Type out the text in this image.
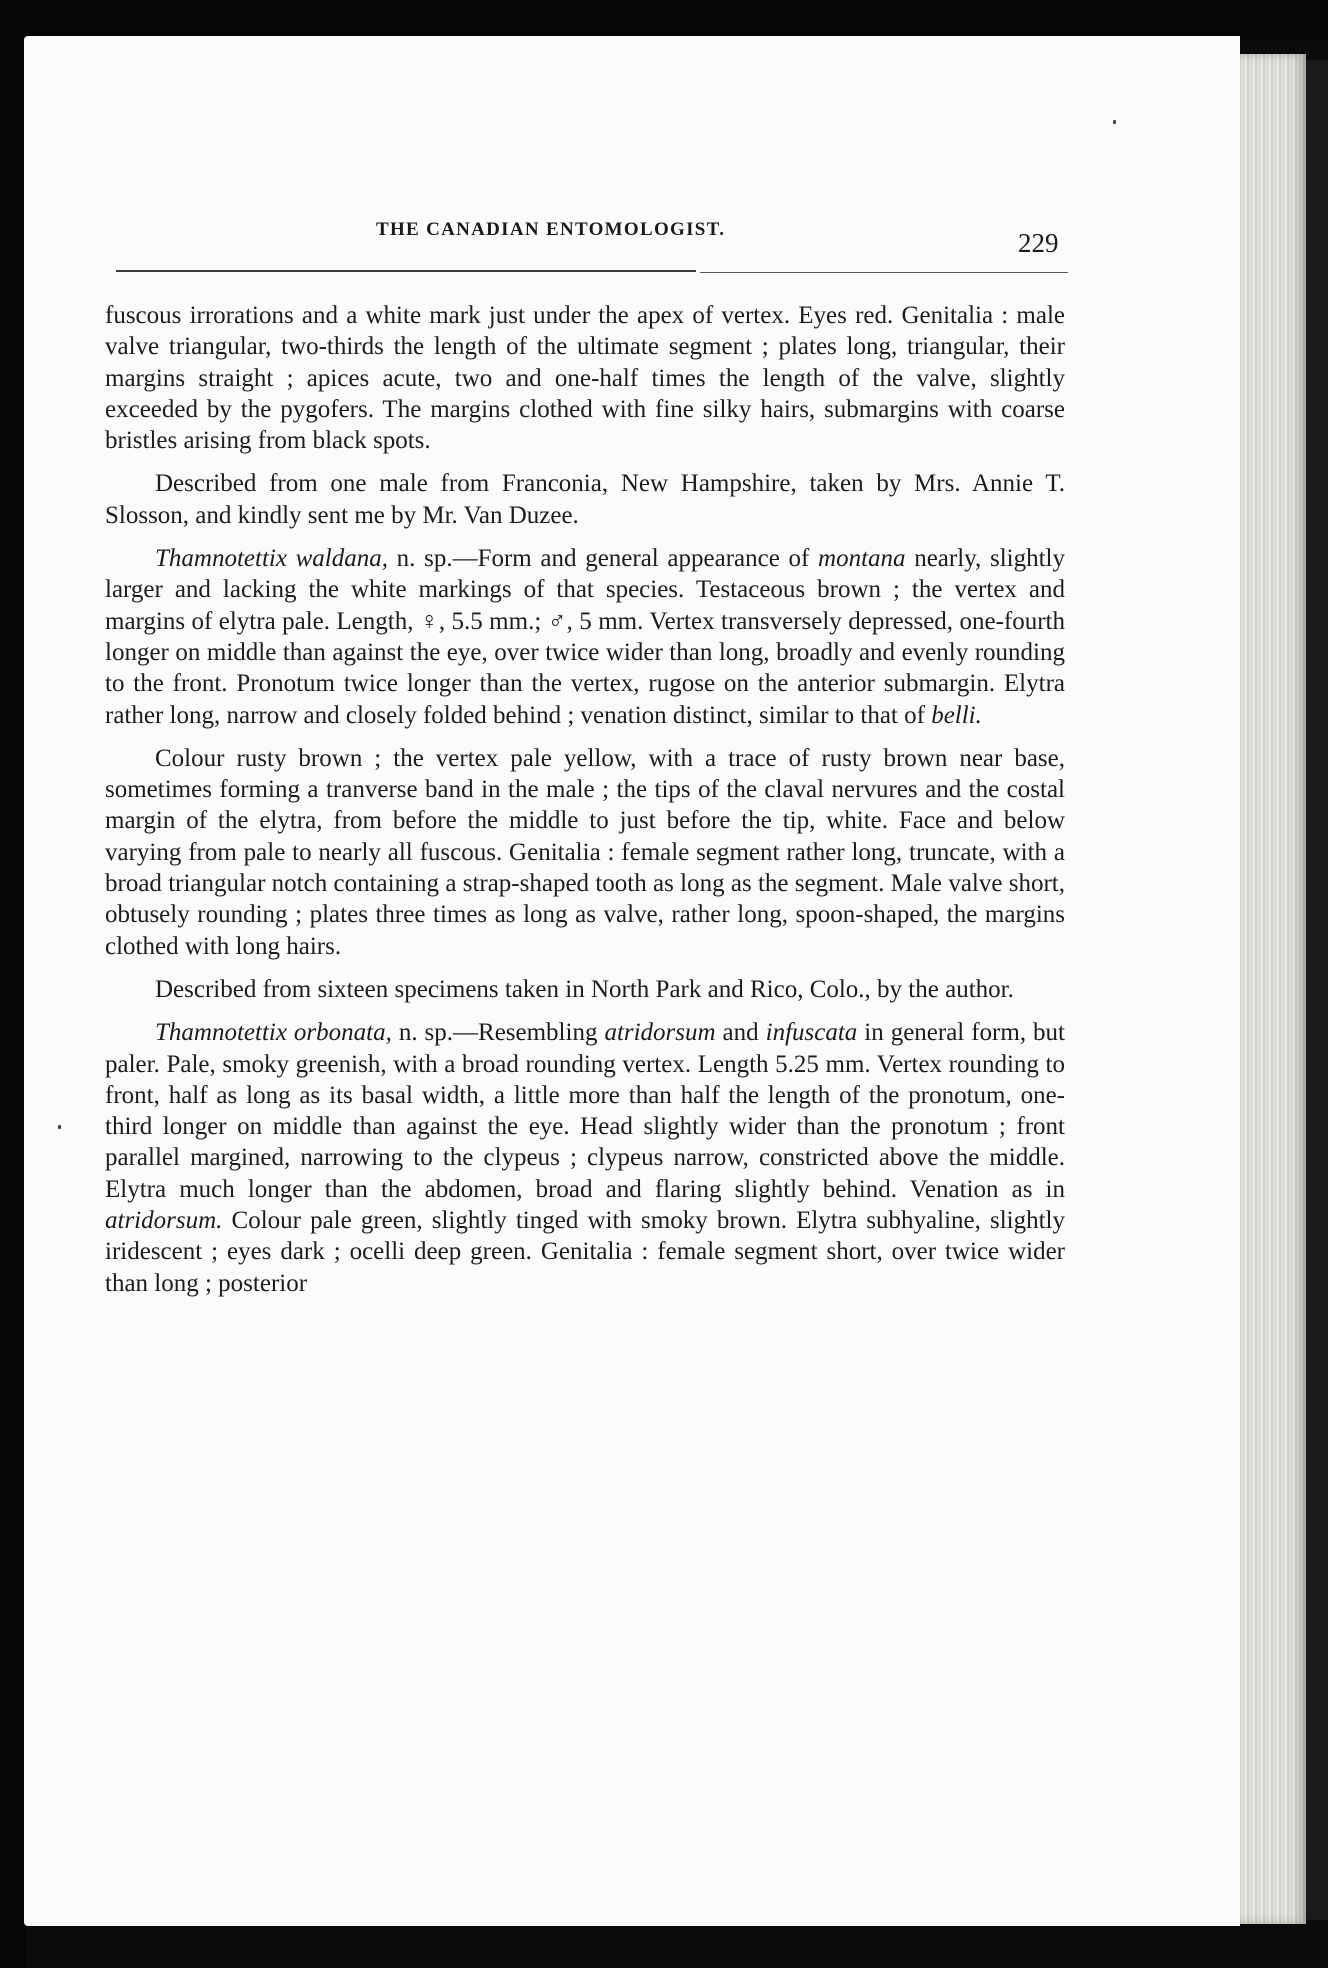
THE CANADIAN ENTOMOLOGIST.	229

fuscous irrorations and a white mark just under the apex of vertex. Eyes red. Genitalia : male valve triangular, two-thirds the length of the ultimate segment ; plates long, triangular, their margins straight ; apices acute, two and one-half times the length of the valve, slightly exceeded by the pygofers. The margins clothed with fine silky hairs, submargins with coarse bristles arising from black spots.

Described from one male from Franconia, New Hampshire, taken by Mrs. Annie T. Slosson, and kindly sent me by Mr. Van Duzee.

Thamnotettix waldana, n. sp.—Form and general appearance of montana nearly, slightly larger and lacking the white markings of that species. Testaceous brown ; the vertex and margins of elytra pale. Length, ♀, 5.5 mm.; ♂, 5 mm. Vertex transversely depressed, one-fourth longer on middle than against the eye, over twice wider than long, broadly and evenly rounding to the front. Pronotum twice longer than the vertex, rugose on the anterior submargin. Elytra rather long, narrow and closely folded behind ; venation distinct, similar to that of belli.

Colour rusty brown ; the vertex pale yellow, with a trace of rusty brown near base, sometimes forming a tranverse band in the male ; the tips of the claval nervures and the costal margin of the elytra, from before the middle to just before the tip, white. Face and below varying from pale to nearly all fuscous. Genitalia : female segment rather long, truncate, with a broad triangular notch containing a strap-shaped tooth as long as the segment. Male valve short, obtusely rounding ; plates three times as long as valve, rather long, spoon-shaped, the margins clothed with long hairs.

Described from sixteen specimens taken in North Park and Rico, Colo., by the author.

Thamnotettix orbonata, n. sp.—Resembling atridorsum and infuscata in general form, but paler. Pale, smoky greenish, with a broad rounding vertex. Length 5.25 mm. Vertex rounding to front, half as long as its basal width, a little more than half the length of the pronotum, one-third longer on middle than against the eye. Head slightly wider than the pronotum ; front parallel margined, narrowing to the clypeus ; clypeus narrow, constricted above the middle. Elytra much longer than the abdomen, broad and flaring slightly behind. Venation as in atridorsum. Colour pale green, slightly tinged with smoky brown. Elytra subhyaline, slightly iridescent ; eyes dark ; ocelli deep green. Genitalia : female segment short, over twice wider than long ; posterior
